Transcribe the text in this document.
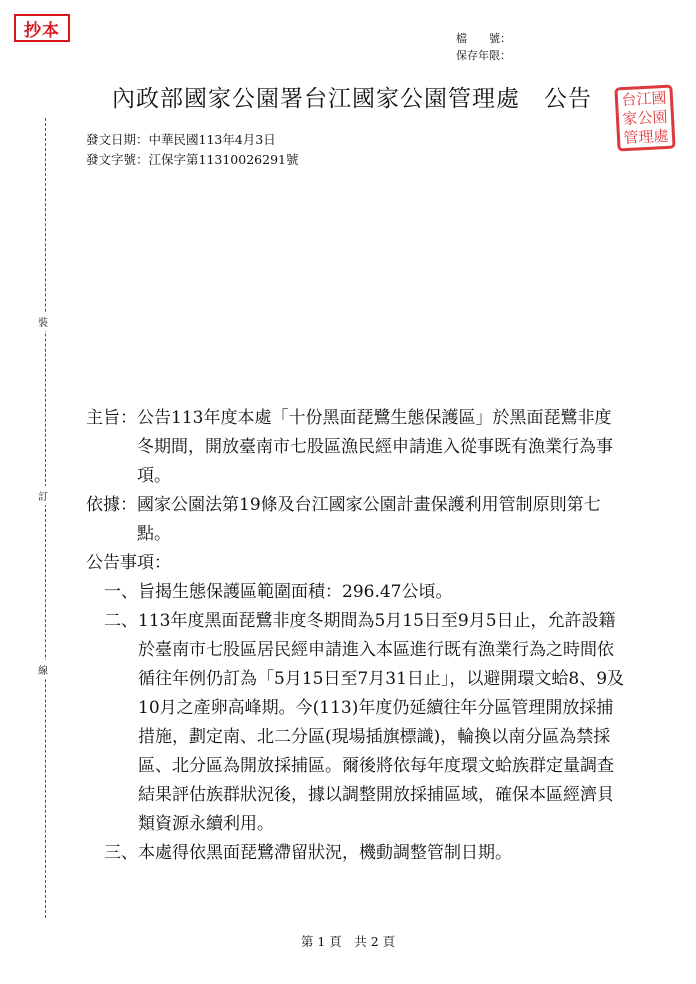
抄本	檔　　號：
保存年限：
內政部國家公園署台江國家公園管理處　公告	台江國家公園管理處
發文日期：中華民國113年4月3日
發文字號：江保字第11310026291號
裝
訂
線
主旨： 公告113年度本處「十份黑面琵鷺生態保護區」於黑面琵鷺非度冬期間，開放臺南市七股區漁民經申請進入從事既有漁業行為事項。
依據： 國家公園法第19條及台江國家公園計畫保護利用管制原則第七點。
公告事項：
一、 旨揭生態保護區範圍面積：296.47公頃。
二、 113年度黑面琵鷺非度冬期間為5月15日至9月5日止，允許設籍於臺南市七股區居民經申請進入本區進行既有漁業行為之時間依循往年例仍訂為「5月15日至7月31日止」，以避開環文蛤8、9及10月之產卵高峰期。今(113)年度仍延續往年分區管理開放採捕措施，劃定南、北二分區(現場插旗標識)，輪換以南分區為禁採區、北分區為開放採捕區。爾後將依每年度環文蛤族群定量調查結果評估族群狀況後，據以調整開放採捕區域，確保本區經濟貝類資源永續利用。
三、 本處得依黑面琵鷺滯留狀況，機動調整管制日期。
第 1 頁　共 2 頁
